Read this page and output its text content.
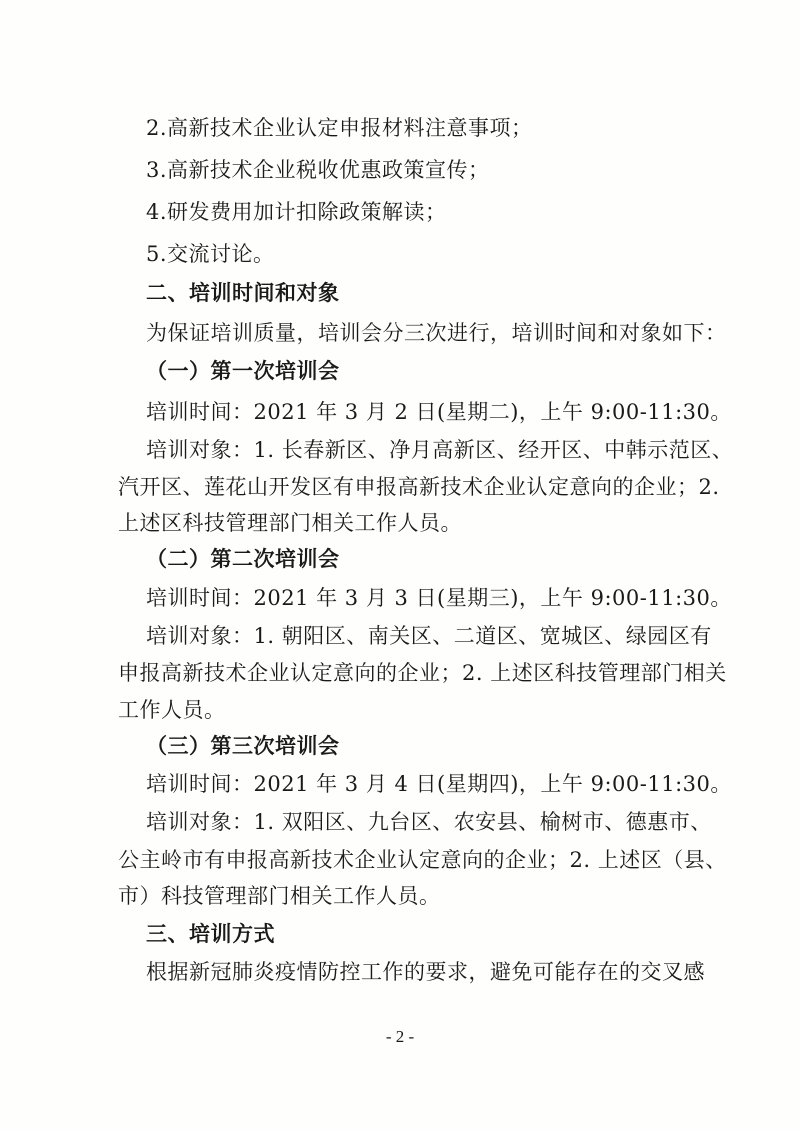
2.高新技术企业认定申报材料注意事项；
3.高新技术企业税收优惠政策宣传；
4.研发费用加计扣除政策解读；
5.交流讨论。
二、培训时间和对象
为保证培训质量，培训会分三次进行，培训时间和对象如下：
（一）第一次培训会
培训时间：2021 年 3 月 2 日(星期二)，上午 9:00-11:30。
培训对象：1. 长春新区、净月高新区、经开区、中韩示范区、
汽开区、莲花山开发区有申报高新技术企业认定意向的企业；2.
上述区科技管理部门相关工作人员。
（二）第二次培训会
培训时间：2021 年 3 月 3 日(星期三)，上午 9:00-11:30。
培训对象：1. 朝阳区、南关区、二道区、宽城区、绿园区有
申报高新技术企业认定意向的企业；2. 上述区科技管理部门相关
工作人员。
（三）第三次培训会
培训时间：2021 年 3 月 4 日(星期四)，上午 9:00-11:30。
培训对象：1. 双阳区、九台区、农安县、榆树市、德惠市、
公主岭市有申报高新技术企业认定意向的企业；2. 上述区（县、
市）科技管理部门相关工作人员。
三、培训方式
根据新冠肺炎疫情防控工作的要求，避免可能存在的交叉感
- 2 -
